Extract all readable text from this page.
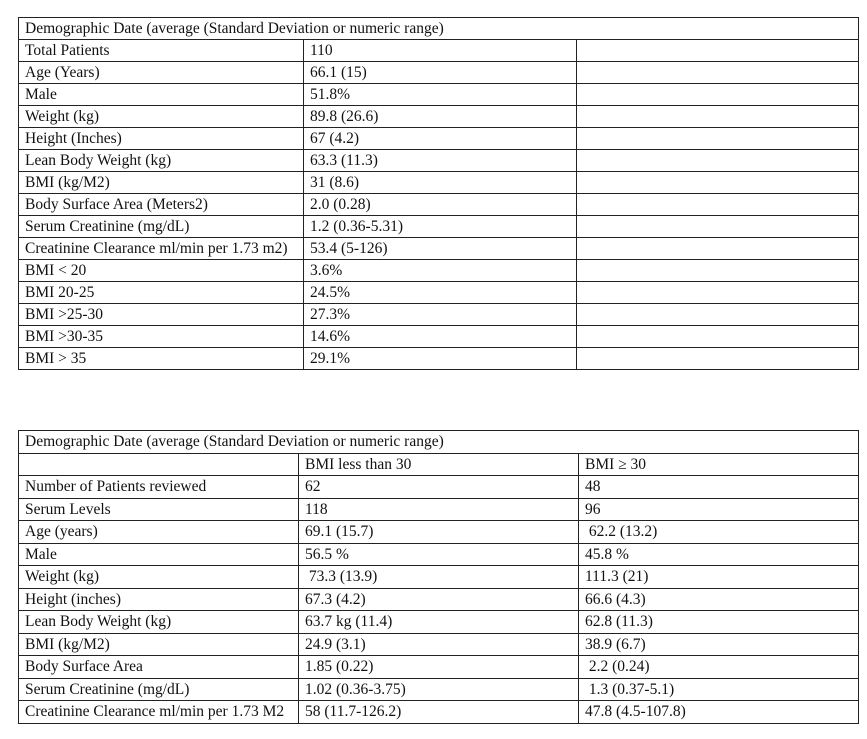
Demographic Date (average (Standard Deviation or numeric range)		
Total Patients	110	
Age (Years)	66.1 (15)	
Male	51.8%	
Weight (kg)	89.8 (26.6)	
Height (Inches)	67 (4.2)	
Lean Body Weight (kg)	63.3 (11.3)	
BMI (kg/M2)	31 (8.6)	
Body Surface Area (Meters2)	2.0 (0.28)	
Serum Creatinine (mg/dL)	1.2 (0.36-5.31)	
Creatinine Clearance ml/min per 1.73 m2)	53.4 (5-126)	
BMI < 20	3.6%	
BMI 20-25	24.5%	
BMI >25-30	27.3%	
BMI >30-35	14.6%	
BMI > 35	29.1%	
Demographic Date (average (Standard Deviation or numeric range)		
	BMI less than 30	BMI ≥ 30
Number of Patients reviewed	62	48
Serum Levels	118	96
Age (years)	69.1 (15.7)	62.2 (13.2)
Male	56.5 %	45.8 %
Weight (kg)	73.3 (13.9)	111.3 (21)
Height (inches)	67.3 (4.2)	66.6 (4.3)
Lean Body Weight (kg)	63.7 kg (11.4)	62.8 (11.3)
BMI (kg/M2)	24.9 (3.1)	38.9 (6.7)
Body Surface Area	1.85 (0.22)	2.2 (0.24)
Serum Creatinine (mg/dL)	1.02 (0.36-3.75)	1.3 (0.37-5.1)
Creatinine Clearance ml/min per 1.73 M2	58 (11.7-126.2)	47.8 (4.5-107.8)
